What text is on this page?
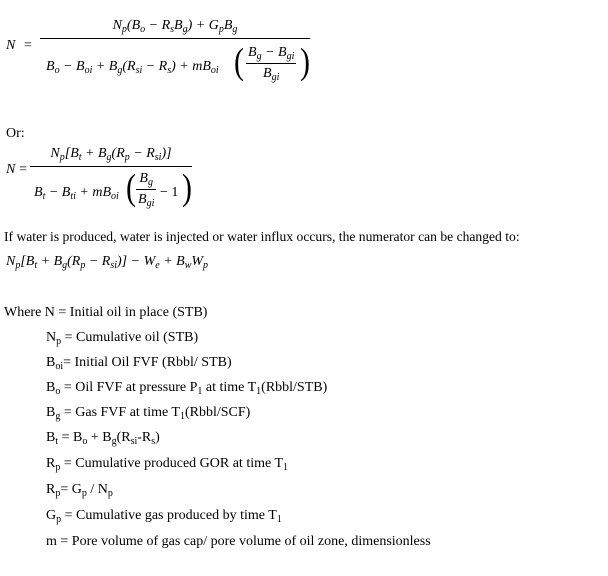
N =
$N_p(B_o - R_sB_g) + G_pB_g$
$B_o - B_{oi} + B_g(R_{si} - R_s) + mB_{oi}$ ( $B_g - B_{gi}$
$B_{gi}$ )
Or:
N =
$N_p[B_t + B_g(R_p - R_{si})]$
$B_t - B_{ti} + mB_{oi}$ ( $B_g$
$B_{gi}$
− 1 )
If water is produced, water is injected or water influx occurs, the numerator can be changed to:
$N_p[B_t + B_g(R_p - R_{si})] - W_e + B_wW_p$
Where N = Initial oil in place (STB)
$N_p$ = Cumulative oil (STB)
$B_{oi}=$ Initial Oil FVF (Rbbl/ STB)
$B_o$ = Oil FVF at pressure $P_1$ at time $T_1(Rbbl/STB)$
$B_g$ = Gas FVF at time $T_1(Rbbl/SCF)$
$B_t = B_o + B_g(R_{si}-R_s)$
$R_p$ = Cumulative produced GOR at time $T_1$
$R_p= G_p / N_p$
$G_p$ = Cumulative gas produced by time $T_1$
m = Pore volume of gas cap/ pore volume of oil zone, dimensionless
